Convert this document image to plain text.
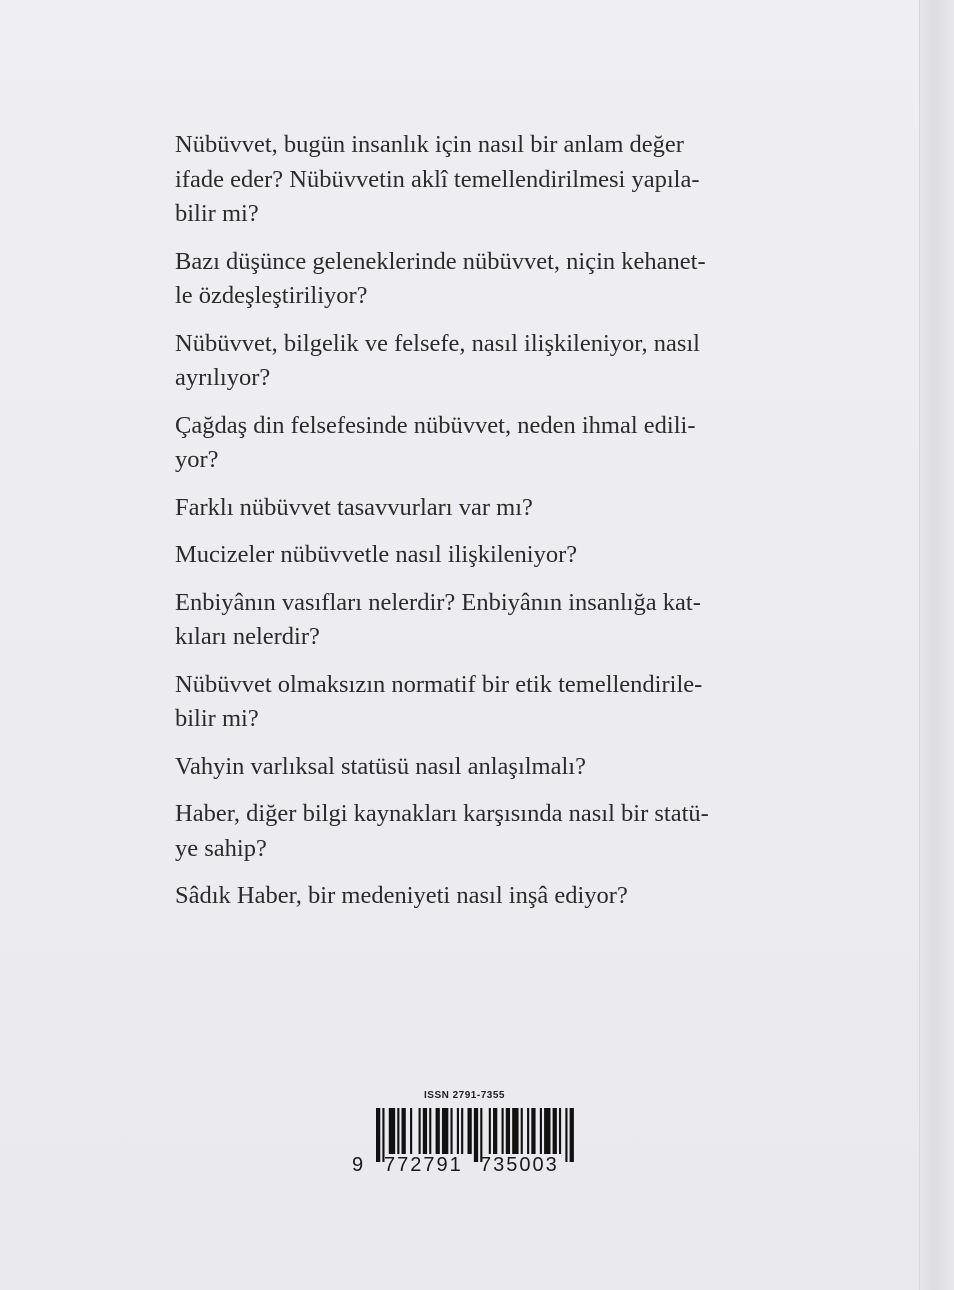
Nübüvvet, bugün insanlık için nasıl bir anlam değer
ifade eder? Nübüvvetin aklî temellendirilmesi yapıla-
bilir mi?

Bazı düşünce geleneklerinde nübüvvet, niçin kehanet-
le özdeşleştiriliyor?

Nübüvvet, bilgelik ve felsefe, nasıl ilişkileniyor, nasıl
ayrılıyor?

Çağdaş din felsefesinde nübüvvet, neden ihmal edili-
yor?

Farklı nübüvvet tasavvurları var mı?

Mucizeler nübüvvetle nasıl ilişkileniyor?

Enbiyânın vasıfları nelerdir? Enbiyânın insanlığa kat-
kıları nelerdir?

Nübüvvet olmaksızın normatif bir etik temellendirile-
bilir mi?

Vahyin varlıksal statüsü nasıl anlaşılmalı?

Haber, diğer bilgi kaynakları karşısında nasıl bir statü-
ye sahip?

Sâdık Haber, bir medeniyeti nasıl inşâ ediyor?

ISSN 2791-7355
9 772791 735003
